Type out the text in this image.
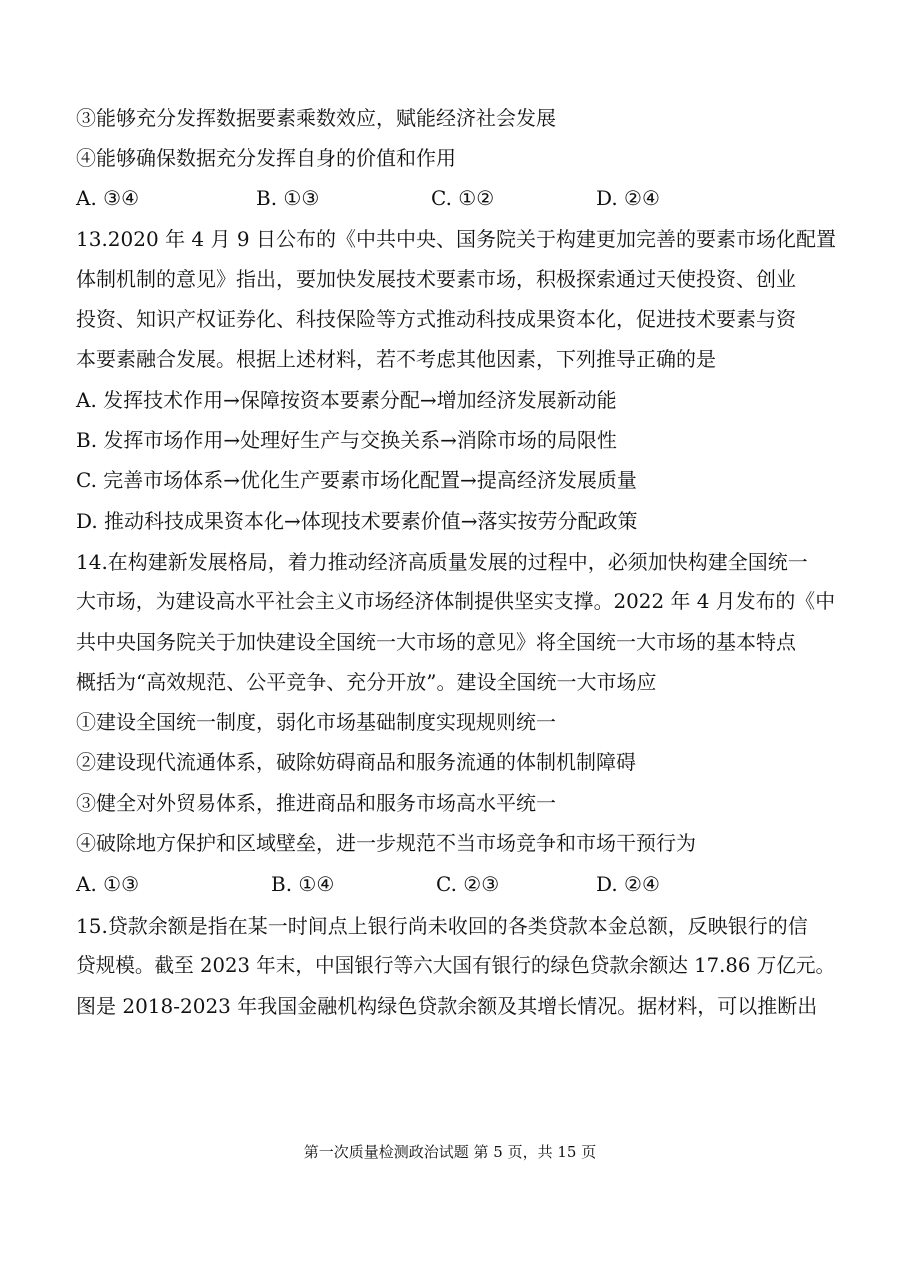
③能够充分发挥数据要素乘数效应，赋能经济社会发展
④能够确保数据充分发挥自身的价值和作用
A. ③④	B. ①③	C. ①②	D. ②④
13.2020 年 4 月 9 日公布的《中共中央、国务院关于构建更加完善的要素市场化配置
体制机制的意见》指出，要加快发展技术要素市场，积极探索通过天使投资、创业
投资、知识产权证券化、科技保险等方式推动科技成果资本化，促进技术要素与资
本要素融合发展。根据上述材料，若不考虑其他因素，下列推导正确的是
A. 发挥技术作用→保障按资本要素分配→增加经济发展新动能
B. 发挥市场作用→处理好生产与交换关系→消除市场的局限性
C. 完善市场体系→优化生产要素市场化配置→提高经济发展质量
D. 推动科技成果资本化→体现技术要素价值→落实按劳分配政策
14.在构建新发展格局，着力推动经济高质量发展的过程中，必须加快构建全国统一
大市场，为建设高水平社会主义市场经济体制提供坚实支撑。2022 年 4 月发布的《中
共中央国务院关于加快建设全国统一大市场的意见》将全国统一大市场的基本特点
概括为“高效规范、公平竞争、充分开放”。建设全国统一大市场应
①建设全国统一制度，弱化市场基础制度实现规则统一
②建设现代流通体系，破除妨碍商品和服务流通的体制机制障碍
③健全对外贸易体系，推进商品和服务市场高水平统一
④破除地方保护和区域壁垒，进一步规范不当市场竞争和市场干预行为
A. ①③	B. ①④	C. ②③	D. ②④
15.贷款余额是指在某一时间点上银行尚未收回的各类贷款本金总额，反映银行的信
贷规模。截至 2023 年末，中国银行等六大国有银行的绿色贷款余额达 17.86 万亿元。
图是 2018-2023 年我国金融机构绿色贷款余额及其增长情况。据材料，可以推断出
第一次质量检测政治试题 第 5 页，共 15 页
